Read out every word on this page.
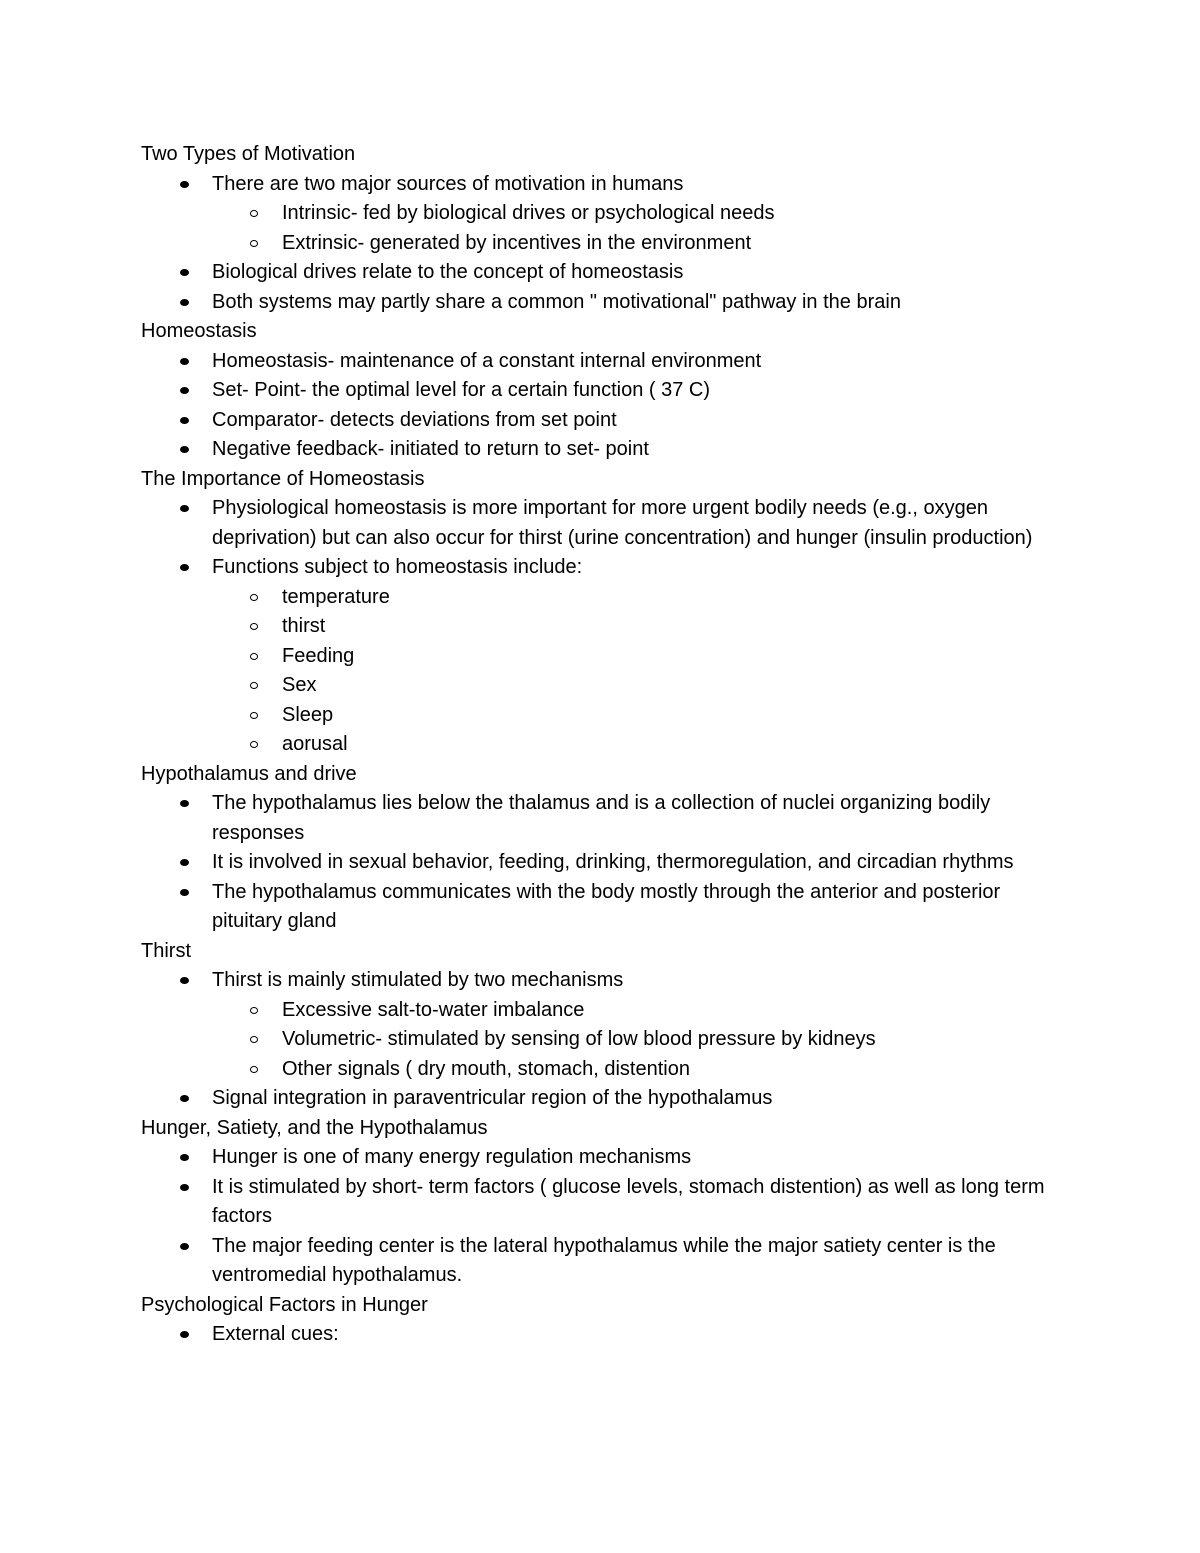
Two Types of Motivation
There are two major sources of motivation in humans
Intrinsic- fed by biological drives or psychological needs
Extrinsic- generated by incentives in the environment
Biological drives relate to the concept of homeostasis
Both systems may partly share a common " motivational" pathway in the brain
Homeostasis
Homeostasis- maintenance of a constant internal environment
Set- Point- the optimal level for a certain function ( 37 C)
Comparator- detects deviations from set point
Negative feedback- initiated to return to set- point
The Importance of Homeostasis
Physiological homeostasis is more important for more urgent bodily needs (e.g., oxygen deprivation) but can also occur for thirst (urine concentration) and hunger (insulin production)
Functions subject to homeostasis include:
temperature
thirst
Feeding
Sex
Sleep
aorusal
Hypothalamus and drive
The hypothalamus lies below the thalamus and is a collection of nuclei organizing bodily responses
It is involved in sexual behavior, feeding, drinking, thermoregulation, and circadian rhythms
The hypothalamus communicates with the body mostly through the anterior and posterior pituitary gland
Thirst
Thirst is mainly stimulated by two mechanisms
Excessive salt-to-water imbalance
Volumetric- stimulated by sensing of low blood pressure by kidneys
Other signals ( dry mouth, stomach, distention
Signal integration in paraventricular region of the hypothalamus
Hunger, Satiety, and the Hypothalamus
Hunger is one of many energy regulation mechanisms
It is stimulated by short- term factors ( glucose levels, stomach distention) as well as long term factors
The major feeding center is the lateral hypothalamus while the major satiety center is the ventromedial hypothalamus.
Psychological Factors in Hunger
External cues:
